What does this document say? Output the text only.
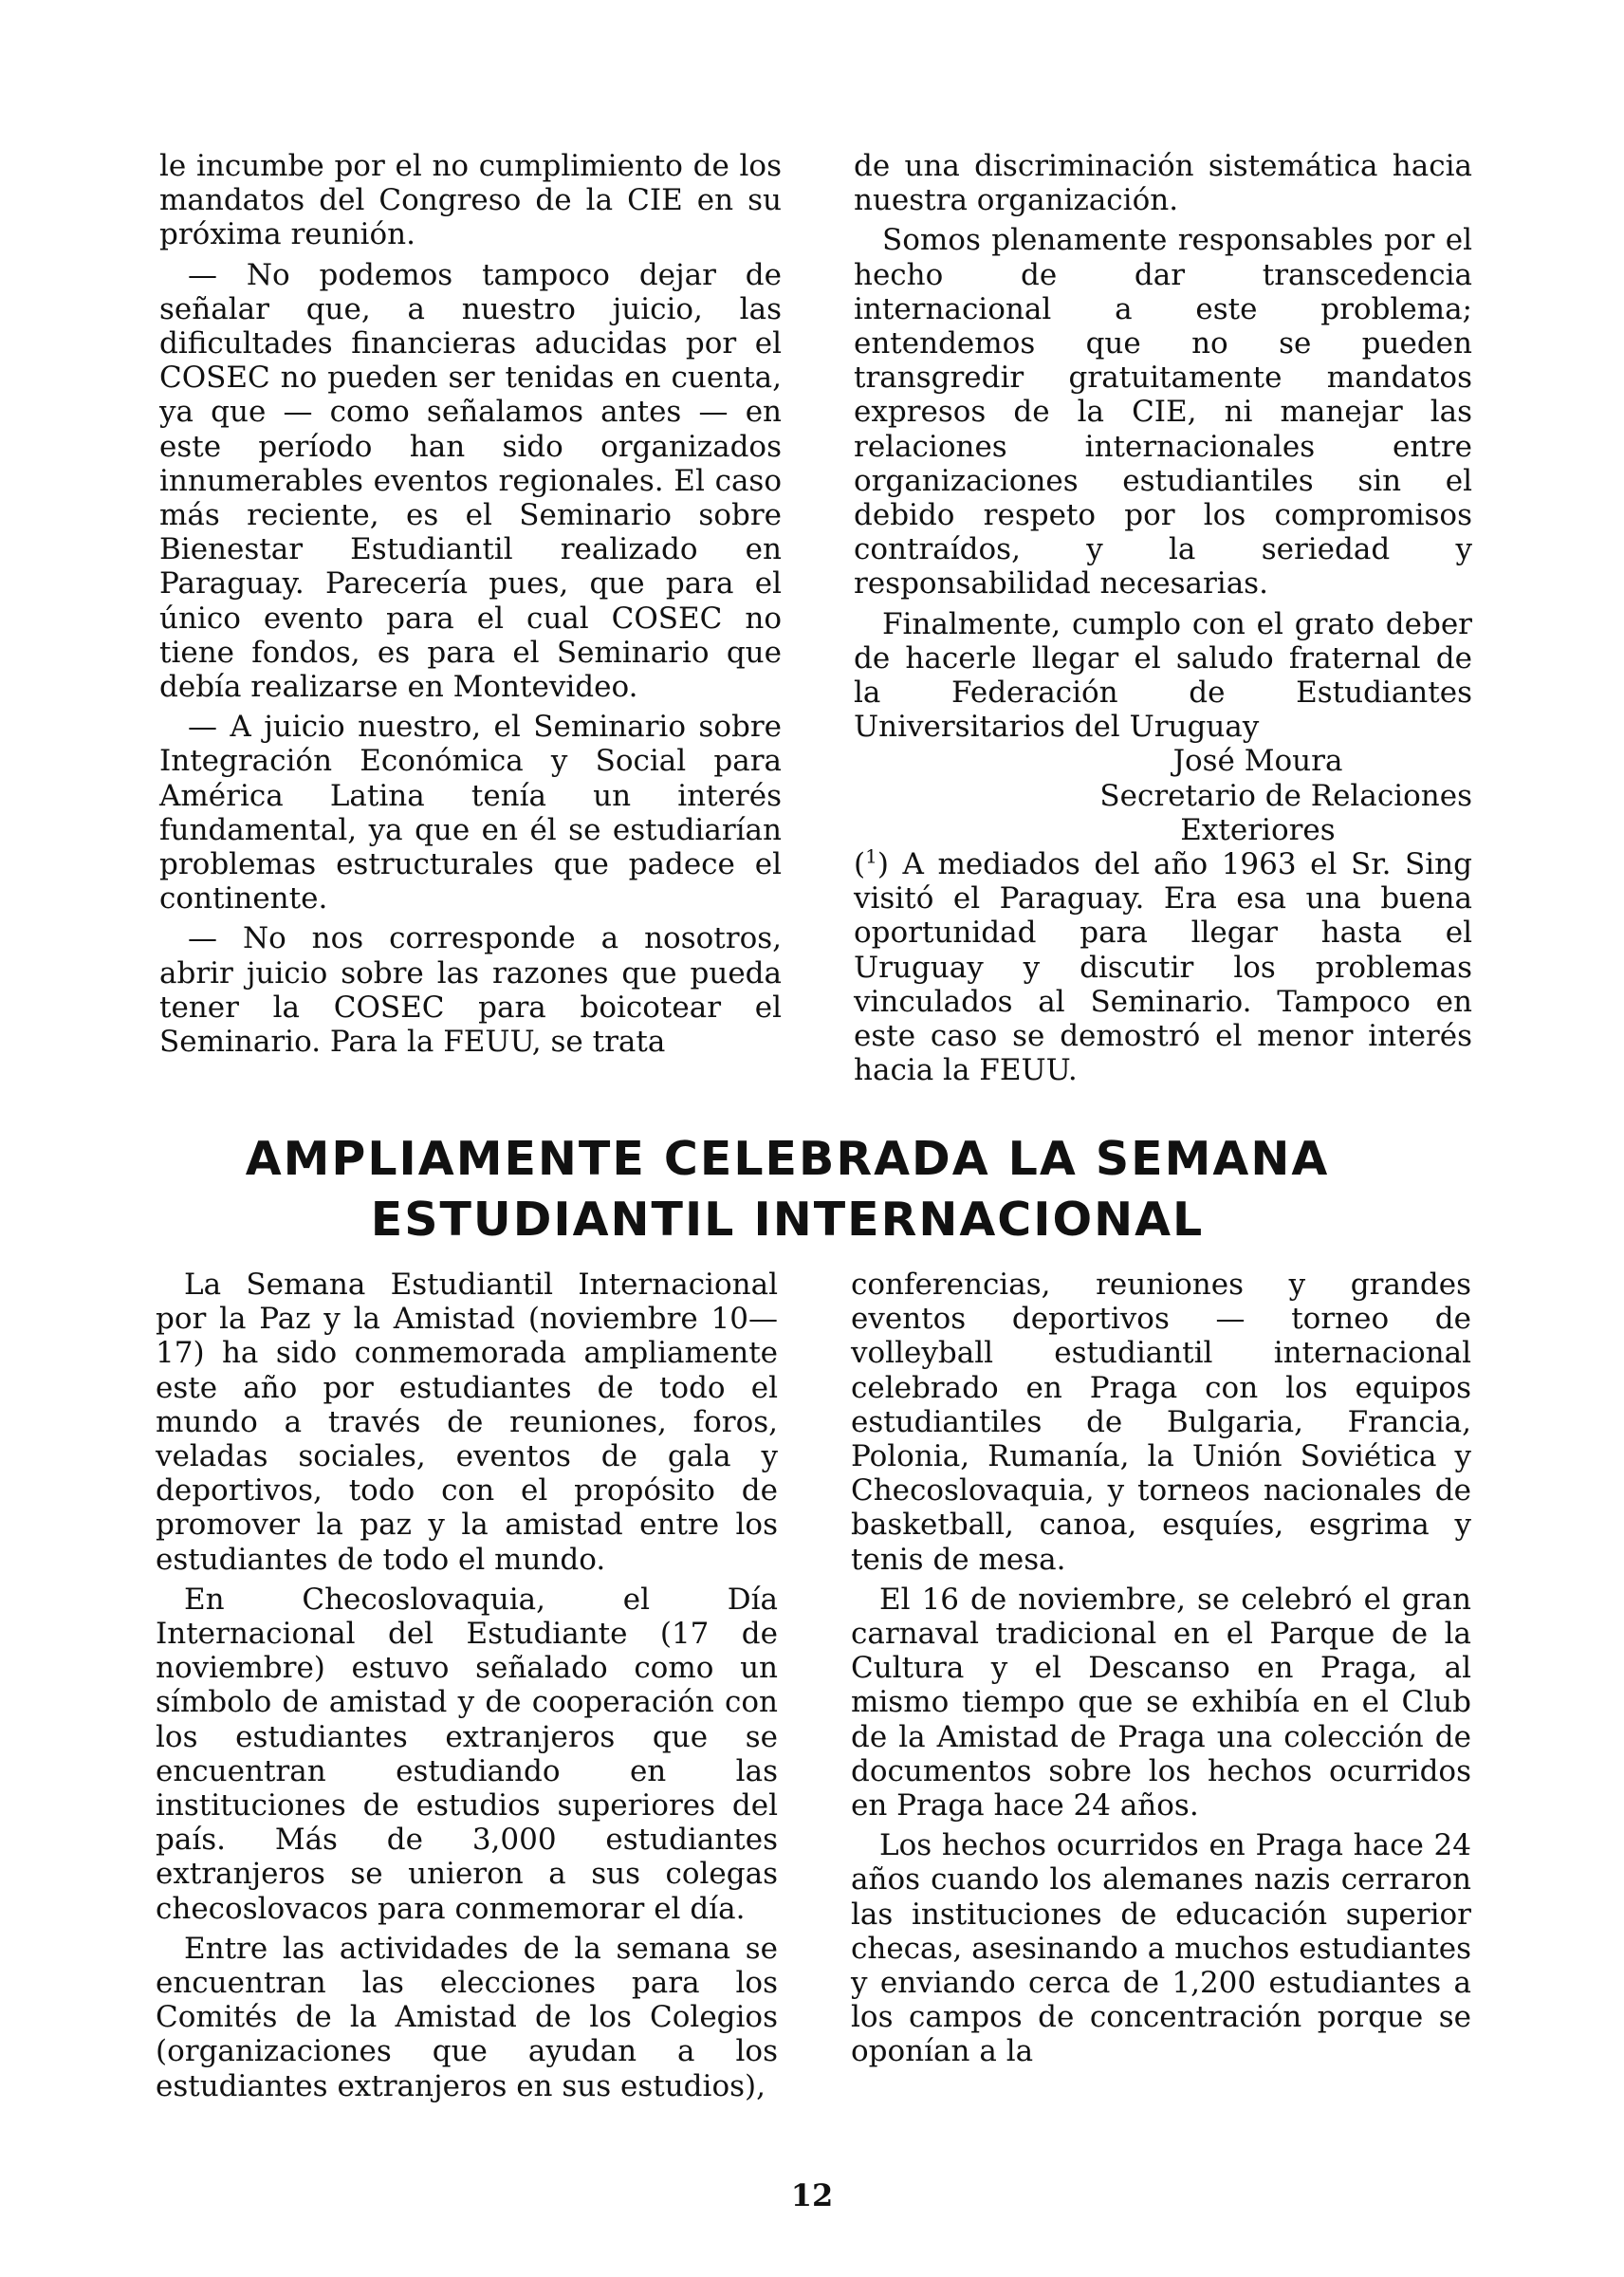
le incumbe por el no cumplimiento de los mandatos del Congreso de la CIE en su próxima reunión.

— No podemos tampoco dejar de señalar que, a nuestro juicio, las dificultades financieras aducidas por el COSEC no pueden ser tenidas en cuenta, ya que — como señalamos antes — en este período han sido organizados innumerables eventos regionales. El caso más reciente, es el Seminario sobre Bienestar Estudiantil realizado en Paraguay. Parecería pues, que para el único evento para el cual COSEC no tiene fondos, es para el Seminario que debía realizarse en Montevideo.

— A juicio nuestro, el Seminario sobre Integración Económica y Social para América Latina tenía un interés fundamental, ya que en él se estudiarían problemas estructurales que padece el continente.

— No nos corresponde a nosotros, abrir juicio sobre las razones que pueda tener la COSEC para boicotear el Seminario. Para la FEUU, se trata

de una discriminación sistemática hacia nuestra organización.

Somos plenamente responsables por el hecho de dar transcedencia internacional a este problema; entendemos que no se pueden transgredir gratuitamente mandatos expresos de la CIE, ni manejar las relaciones internacionales entre organizaciones estudiantiles sin el debido respeto por los compromisos contraídos, y la seriedad y responsabilidad necesarias.

Finalmente, cumplo con el grato deber de hacerle llegar el saludo fraternal de la Federación de Estudiantes Universitarios del Uruguay

José Moura
Secretario de Relaciones
Exteriores

($^1$) A mediados del año 1963 el Sr. Sing visitó el Paraguay. Era esa una buena oportunidad para llegar hasta el Uruguay y discutir los problemas vinculados al Seminario. Tampoco en este caso se demostró el menor interés hacia la FEUU.

AMPLIAMENTE CELEBRADA LA SEMANA
ESTUDIANTIL INTERNACIONAL

La Semana Estudiantil Internacional por la Paz y la Amistad (noviembre 10—17) ha sido conmemorada ampliamente este año por estudiantes de todo el mundo a través de reuniones, foros, veladas sociales, eventos de gala y deportivos, todo con el propósito de promover la paz y la amistad entre los estudiantes de todo el mundo.

En Checoslovaquia, el Día Internacional del Estudiante (17 de noviembre) estuvo señalado como un símbolo de amistad y de cooperación con los estudiantes extranjeros que se encuentran estudiando en las instituciones de estudios superiores del país. Más de 3,000 estudiantes extranjeros se unieron a sus colegas checoslovacos para conmemorar el día.

Entre las actividades de la semana se encuentran las elecciones para los Comités de la Amistad de los Colegios (organizaciones que ayudan a los estudiantes extranjeros en sus estudios),

conferencias, reuniones y grandes eventos deportivos — torneo de volleyball estudiantil internacional celebrado en Praga con los equipos estudiantiles de Bulgaria, Francia, Polonia, Rumanía, la Unión Soviética y Checoslovaquia, y torneos nacionales de basketball, canoa, esquíes, esgrima y tenis de mesa.

El 16 de noviembre, se celebró el gran carnaval tradicional en el Parque de la Cultura y el Descanso en Praga, al mismo tiempo que se exhibía en el Club de la Amistad de Praga una colección de documentos sobre los hechos ocurridos en Praga hace 24 años.

Los hechos ocurridos en Praga hace 24 años cuando los alemanes nazis cerraron las instituciones de educación superior checas, asesinando a muchos estudiantes y enviando cerca de 1,200 estudiantes a los campos de concentración porque se oponían a la

12
